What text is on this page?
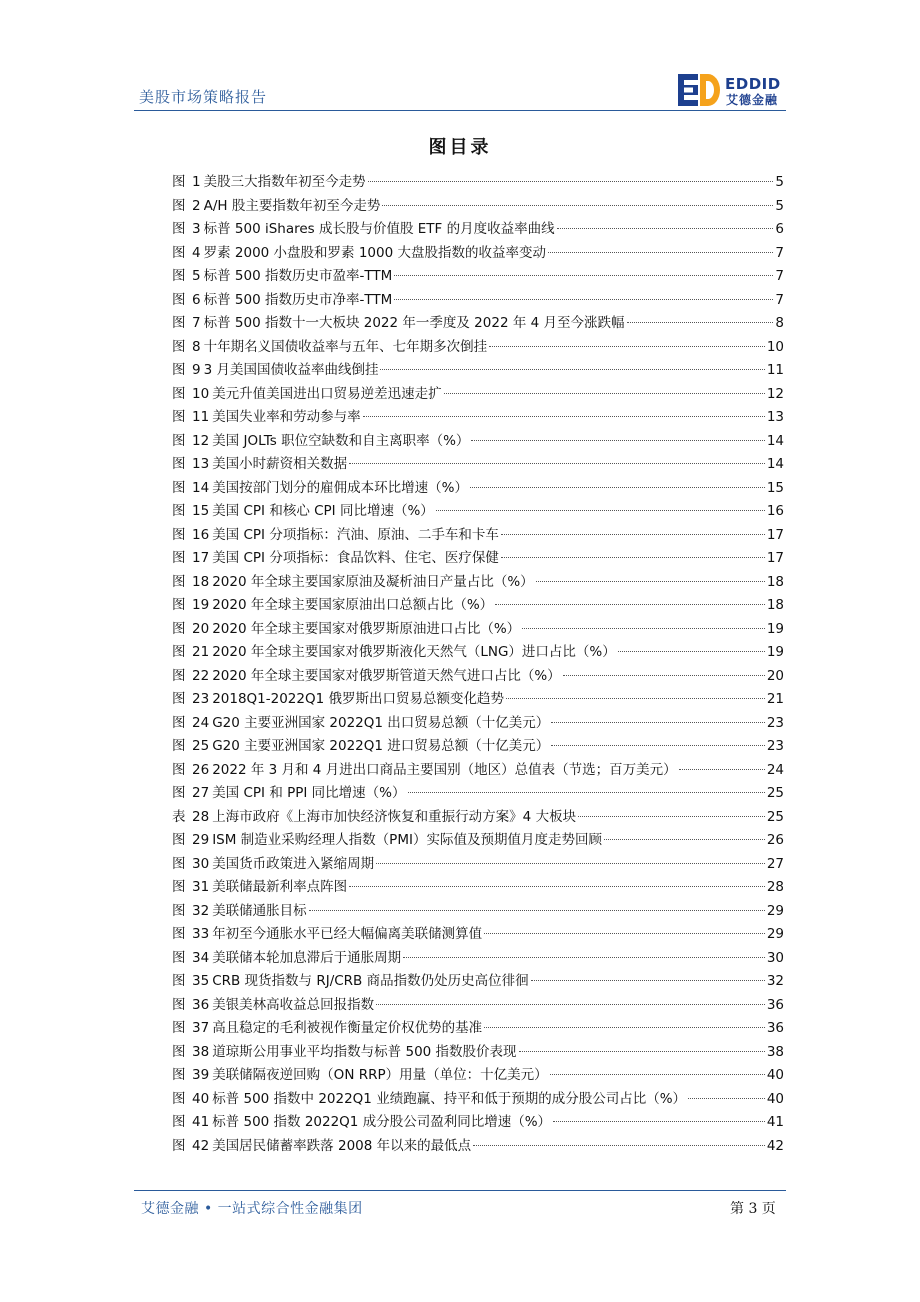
美股市场策略报告
EDDID
艾德金融
图目录
图 1 美股三大指数年初至今走势	5
图 2 A/H 股主要指数年初至今走势	5
图 3 标普 500 iShares 成长股与价值股 ETF 的月度收益率曲线	6
图 4 罗素 2000 小盘股和罗素 1000 大盘股指数的收益率变动	7
图 5 标普 500 指数历史市盈率-TTM	7
图 6 标普 500 指数历史市净率-TTM	7
图 7 标普 500 指数十一大板块 2022 年一季度及 2022 年 4 月至今涨跌幅	8
图 8 十年期名义国债收益率与五年、七年期多次倒挂	10
图 9 3 月美国国债收益率曲线倒挂	11
图 10 美元升值美国进出口贸易逆差迅速走扩	12
图 11 美国失业率和劳动参与率	13
图 12 美国 JOLTs 职位空缺数和自主离职率（%）	14
图 13 美国小时薪资相关数据	14
图 14 美国按部门划分的雇佣成本环比增速（%）	15
图 15 美国 CPI 和核心 CPI 同比增速（%）	16
图 16 美国 CPI 分项指标：汽油、原油、二手车和卡车	17
图 17 美国 CPI 分项指标：食品饮料、住宅、医疗保健	17
图 18 2020 年全球主要国家原油及凝析油日产量占比（%）	18
图 19 2020 年全球主要国家原油出口总额占比（%）	18
图 20 2020 年全球主要国家对俄罗斯原油进口占比（%）	19
图 21 2020 年全球主要国家对俄罗斯液化天然气（LNG）进口占比（%）	19
图 22 2020 年全球主要国家对俄罗斯管道天然气进口占比（%）	20
图 23 2018Q1-2022Q1 俄罗斯出口贸易总额变化趋势	21
图 24 G20 主要亚洲国家 2022Q1 出口贸易总额（十亿美元）	23
图 25 G20 主要亚洲国家 2022Q1 进口贸易总额（十亿美元）	23
图 26 2022 年 3 月和 4 月进出口商品主要国别（地区）总值表（节选；百万美元）	24
图 27 美国 CPI 和 PPI 同比增速（%）	25
表 28 上海市政府《上海市加快经济恢复和重振行动方案》4 大板块	25
图 29 ISM 制造业采购经理人指数（PMI）实际值及预期值月度走势回顾	26
图 30 美国货币政策进入紧缩周期	27
图 31 美联储最新利率点阵图	28
图 32 美联储通胀目标	29
图 33 年初至今通胀水平已经大幅偏离美联储测算值	29
图 34 美联储本轮加息滞后于通胀周期	30
图 35 CRB 现货指数与 RJ/CRB 商品指数仍处历史高位徘徊	32
图 36 美银美林高收益总回报指数	36
图 37 高且稳定的毛利被视作衡量定价权优势的基准	36
图 38 道琼斯公用事业平均指数与标普 500 指数股价表现	38
图 39 美联储隔夜逆回购（ON RRP）用量（单位：十亿美元）	40
图 40 标普 500 指数中 2022Q1 业绩跑赢、持平和低于预期的成分股公司占比（%）	40
图 41 标普 500 指数 2022Q1 成分股公司盈利同比增速（%）	41
图 42 美国居民储蓄率跌落 2008 年以来的最低点	42
艾德金融 • 一站式综合性金融集团	第 3 页
